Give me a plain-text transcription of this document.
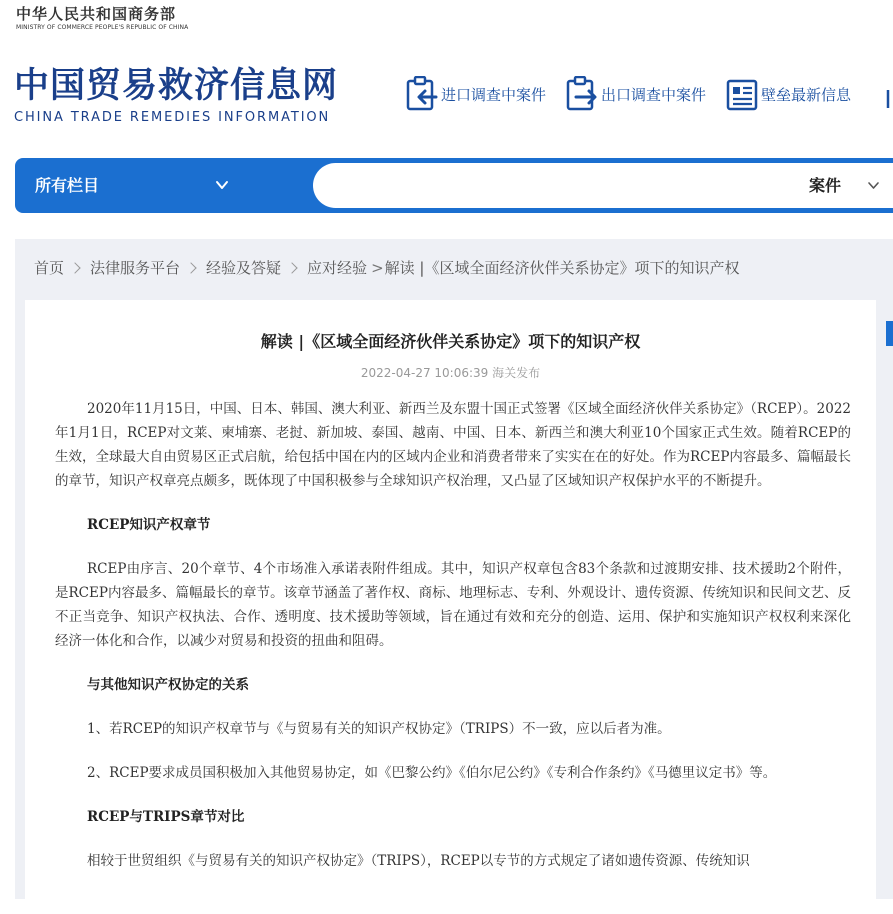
中华人民共和国商务部
MINISTRY OF COMMERCE PEOPLE'S REPUBLIC OF CHINA
中国贸易救济信息网
CHINA TRADE REMEDIES INFORMATION
进口调查中案件	出口调查中案件	壁垒最新信息
所有栏目	案件
首页 法律服务平台 经验及答疑 应对经验 > 解读 |《区域全面经济伙伴关系协定》项下的知识产权
解读 |《区域全面经济伙伴关系协定》项下的知识产权
2022-04-27 10:06:39 海关发布

2020年11月15日，中国、日本、韩国、澳大利亚、新西兰及东盟十国正式签署《区域全面经济伙伴关系协定》（RCEP）。2022年1月1日，RCEP对文莱、柬埔寨、老挝、新加坡、泰国、越南、中国、日本、新西兰和澳大利亚10个国家正式生效。随着RCEP的生效，全球最大自由贸易区正式启航，给包括中国在内的区域内企业和消费者带来了实实在在的好处。作为RCEP内容最多、篇幅最长的章节，知识产权章亮点颇多，既体现了中国积极参与全球知识产权治理，又凸显了区域知识产权保护水平的不断提升。

RCEP知识产权章节

RCEP由序言、20个章节、4个市场准入承诺表附件组成。其中，知识产权章包含83个条款和过渡期安排、技术援助2个附件，是RCEP内容最多、篇幅最长的章节。该章节涵盖了著作权、商标、地理标志、专利、外观设计、遗传资源、传统知识和民间文艺、反不正当竞争、知识产权执法、合作、透明度、技术援助等领域，旨在通过有效和充分的创造、运用、保护和实施知识产权权利来深化经济一体化和合作，以减少对贸易和投资的扭曲和阻碍。

与其他知识产权协定的关系

1、若RCEP的知识产权章节与《与贸易有关的知识产权协定》（TRIPS）不一致，应以后者为准。

2、RCEP要求成员国积极加入其他贸易协定，如《巴黎公约》《伯尔尼公约》《专利合作条约》《马德里议定书》等。

RCEP与TRIPS章节对比

相较于世贸组织《与贸易有关的知识产权协定》（TRIPS），RCEP以专节的方式规定了诸如遗传资源、传统知识
